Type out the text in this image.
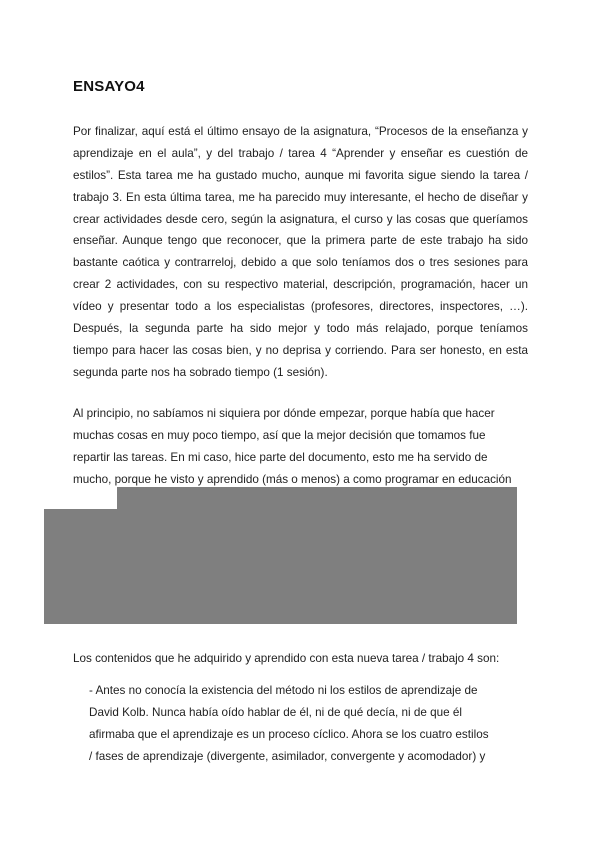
ENSAYO4
Por finalizar, aquí está el último ensayo de la asignatura, “Procesos de la enseñanza y
aprendizaje en el aula”, y del trabajo / tarea 4 “Aprender y enseñar es cuestión de
estilos”. Esta tarea me ha gustado mucho, aunque mi favorita sigue siendo la tarea /
trabajo 3. En esta última tarea, me ha parecido muy interesante, el hecho de diseñar y
crear actividades desde cero, según la asignatura, el curso y las cosas que queríamos
enseñar. Aunque tengo que reconocer, que la primera parte de este trabajo ha sido
bastante caótica y contrarreloj, debido a que solo teníamos dos o tres sesiones para
crear 2 actividades, con su respectivo material, descripción, programación, hacer un
vídeo y presentar todo a los especialistas (profesores, directores, inspectores, …).
Después, la segunda parte ha sido mejor y todo más relajado, porque teníamos
tiempo para hacer las cosas bien, y no deprisa y corriendo. Para ser honesto, en esta
segunda parte nos ha sobrado tiempo (1 sesión).
Al principio, no sabíamos ni siquiera por dónde empezar, porque había que hacer
muchas cosas en muy poco tiempo, así que la mejor decisión que tomamos fue
repartir las tareas. En mi caso, hice parte del documento, esto me ha servido de
mucho, porque he visto y aprendido (más o menos) a como programar en educación
Los contenidos que he adquirido y aprendido con esta nueva tarea / trabajo 4 son:
- Antes no conocía la existencia del método ni los estilos de aprendizaje de
David Kolb. Nunca había oído hablar de él, ni de qué decía, ni de que él
afirmaba que el aprendizaje es un proceso cíclico. Ahora se los cuatro estilos
/ fases de aprendizaje (divergente, asimilador, convergente y acomodador) y
